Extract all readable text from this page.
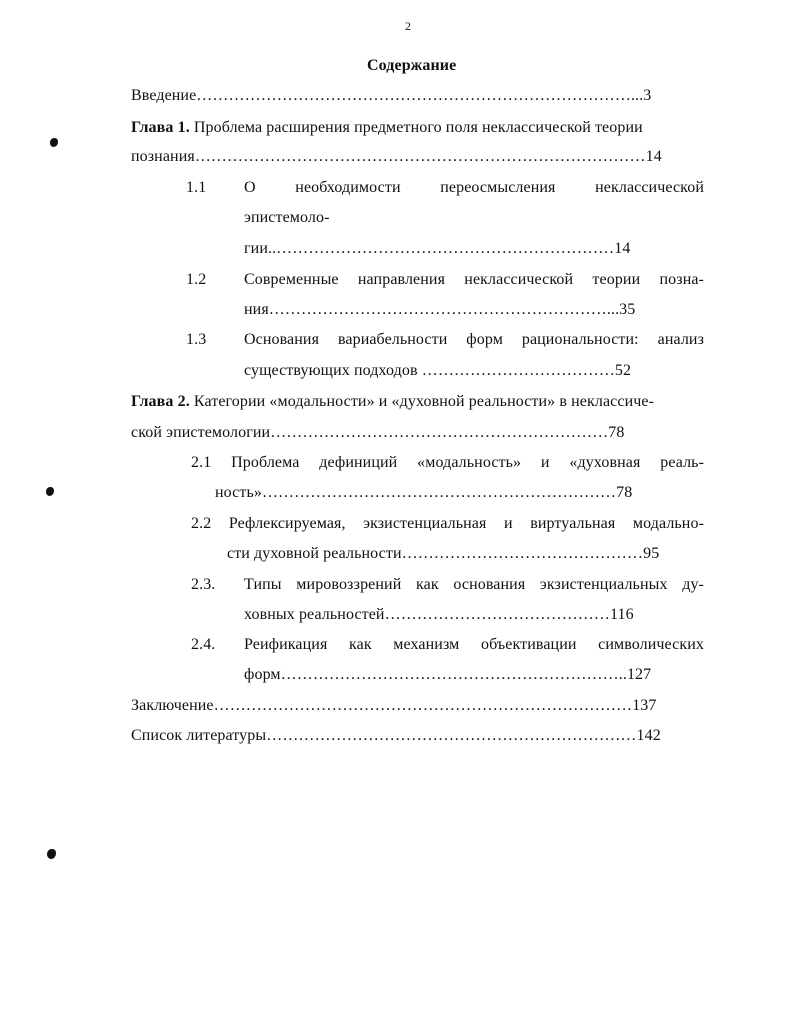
2

Содержание

Введение………………………………………………………………………...3

Глава 1. Проблема расширения предметного поля неклассической теории

познания…………………………………………………………………………14

1.1 О необходимости переосмысления неклассической

эпистемоло-

гии..………………………………………………………14

1.2 Современные направления неклассической теории позна-

ния………………………………………………………...35

1.3 Основания вариабельности форм рациональности: анализ

существующих подходов ………………………………52

Глава 2. Категории «модальности» и «духовной реальности» в неклассиче-

ской эпистемологии………………………………………………………78

2.1 Проблема дефиниций «модальность» и «духовная реаль-

ность»…………………………………………………………78

2.2 Рефлексируемая, экзистенциальная и виртуальная модально-

сти духовной реальности………………………………………95

2.3. Типы мировоззрений как основания экзистенциальных ду-

ховных реальностей……………………………………116

2.4. Реификация как механизм объективации символических

форм………………………………………………………..127

Заключение……………………………………………………………………137

Список литературы……………………………………………………………142
